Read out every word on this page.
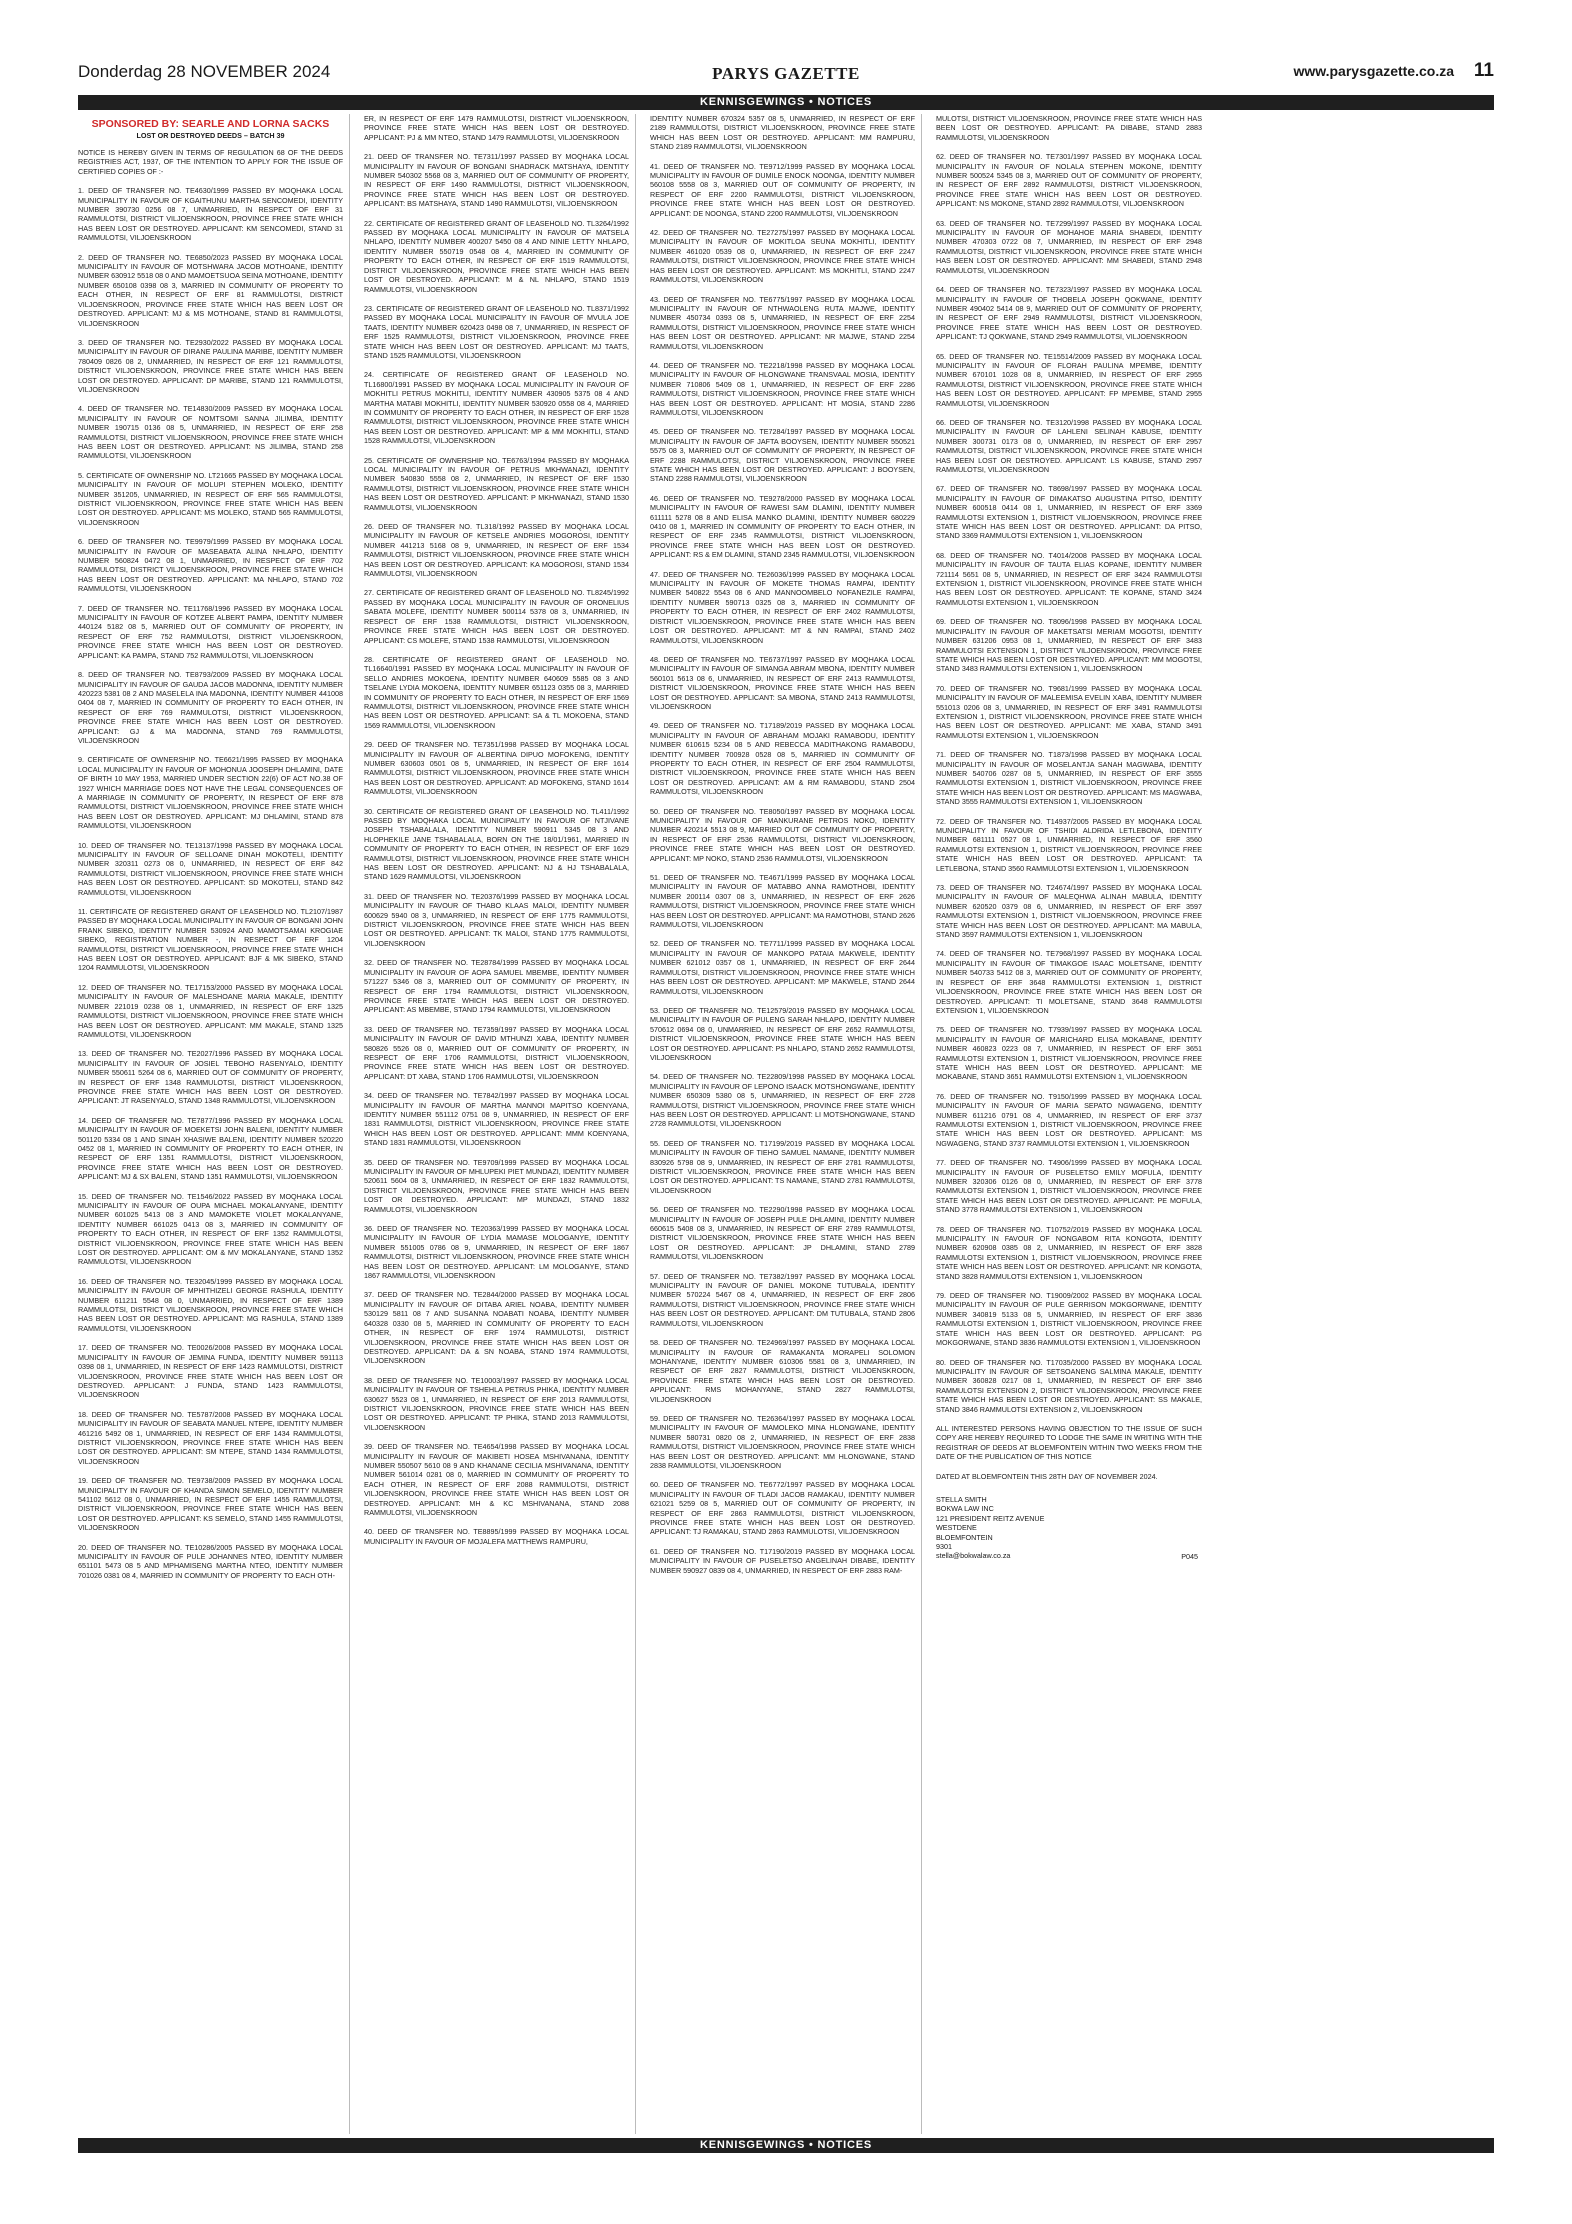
Donderdag 28 NOVEMBER 2024	PARYS GAZETTE	www.parysgazette.co.za 11
KENNISGEWINGS • NOTICES
SPONSORED BY: SEARLE AND LORNA SACKS
LOST OR DESTROYED DEEDS – BATCH 39

NOTICE IS HEREBY GIVEN IN TERMS OF REGULATION 68 OF THE DEEDS REGISTRIES ACT, 1937, OF THE INTENTION TO APPLY FOR THE ISSUE OF CERTIFIED COPIES OF :-

1. DEED OF TRANSFER NO. TE4630/1999 PASSED BY MOQHAKA LOCAL MUNICIPALITY IN FAVOUR OF KGAITHUNU MARTHA SENCOMEDI, IDENTITY NUMBER 390730 0256 08 7, UNMARRIED, IN RESPECT OF ERF 31 RAMMULOTSI, DISTRICT VILJOENSKROON, PROVINCE FREE STATE WHICH HAS BEEN LOST OR DESTROYED. APPLICANT: KM SENCOMEDI, STAND 31 RAMMULOTSI, VILJOENSKROON

2. DEED OF TRANSFER NO. TE6850/2023 PASSED BY MOQHAKA LOCAL MUNICIPALITY IN FAVOUR OF MOTSHWARA JACOB MOTHOANE, IDENTITY NUMBER 630912 5518 08 0 AND MAMOETSUOA SEINA MOTHOANE, IDENTITY NUMBER 650108 0398 08 3, MARRIED IN COMMUNITY OF PROPERTY TO EACH OTHER, IN RESPECT OF ERF 81 RAMMULOTSI, DISTRICT VILJOENSKROON, PROVINCE FREE STATE WHICH HAS BEEN LOST OR DESTROYED. APPLICANT: MJ & MS MOTHOANE, STAND 81 RAMMULOTSI, VILJOENSKROON

3. DEED OF TRANSFER NO. TE2930/2022 PASSED BY MOQHAKA LOCAL MUNICIPALITY IN FAVOUR OF DIRANE PAULINA MARIBE, IDENTITY NUMBER 780409 0826 08 2, UNMARRIED, IN RESPECT OF ERF 121 RAMMULOTSI, DISTRICT VILJOENSKROON, PROVINCE FREE STATE WHICH HAS BEEN LOST OR DESTROYED. APPLICANT: DP MARIBE, STAND 121 RAMMULOTSI, VILJOENSKROON

4. DEED OF TRANSFER NO. TE14830/2009 PASSED BY MOQHAKA LOCAL MUNICIPALITY IN FAVOUR OF NOMTSOMI SANNA JILIMBA, IDENTITY NUMBER 190715 0136 08 5, UNMARRIED, IN RESPECT OF ERF 258 RAMMULOTSI, DISTRICT VILJOENSKROON, PROVINCE FREE STATE WHICH HAS BEEN LOST OR DESTROYED. APPLICANT: NS JILIMBA, STAND 258 RAMMULOTSI, VILJOENSKROON

5. CERTIFICATE OF OWNERSHIP NO. LT21665 PASSED BY MOQHAKA LOCAL MUNICIPALITY IN FAVOUR OF MOLUPI STEPHEN MOLEKO, IDENTITY NUMBER 351205, UNMARRIED, IN RESPECT OF ERF 565 RAMMULOTSI, DISTRICT VILJOENSKROON, PROVINCE FREE STATE WHICH HAS BEEN LOST OR DESTROYED. APPLICANT: MS MOLEKO, STAND 565 RAMMULOTSI, VILJOENSKROON

6. DEED OF TRANSFER NO. TE9979/1999 PASSED BY MOQHAKA LOCAL MUNICIPALITY IN FAVOUR OF MASEABATA ALINA NHLAPO, IDENTITY NUMBER 560824 0472 08 1, UNMARRIED, IN RESPECT OF ERF 702 RAMMULOTSI, DISTRICT VILJOENSKROON, PROVINCE FREE STATE WHICH HAS BEEN LOST OR DESTROYED. APPLICANT: MA NHLAPO, STAND 702 RAMMULOTSI, VILJOENSKROON

7. DEED OF TRANSFER NO. TE11768/1996 PASSED BY MOQHAKA LOCAL MUNICIPALITY IN FAVOUR OF KOTZEE ALBERT PAMPA, IDENTITY NUMBER 440124 5182 08 5, MARRIED OUT OF COMMUNITY OF PROPERTY, IN RESPECT OF ERF 752 RAMMULOTSI, DISTRICT VILJOENSKROON, PROVINCE FREE STATE WHICH HAS BEEN LOST OR DESTROYED. APPLICANT: KA PAMPA, STAND 752 RAMMULOTSI, VILJOENSKROON

8. DEED OF TRANSFER NO. TE8793/2009 PASSED BY MOQHAKA LOCAL MUNICIPALITY IN FAVOUR OF GAUDA JACOB MADONNA, IDENTITY NUMBER 420223 5381 08 2 AND MASELELA INA MADONNA, IDENTITY NUMBER 441008 0404 08 7, MARRIED IN COMMUNITY OF PROPERTY TO EACH OTHER, IN RESPECT OF ERF 769 RAMMULOTSI, DISTRICT VILJOENSKROON, PROVINCE FREE STATE WHICH HAS BEEN LOST OR DESTROYED. APPLICANT: GJ & MA MADONNA, STAND 769 RAMMULOTSI, VILJOENSKROON

9. CERTIFICATE OF OWNERSHIP NO. TE6621/1995 PASSED BY MOQHAKA LOCAL MUNICIPALITY IN FAVOUR OF MOHONUA JOOSEPH DHLAMINI, DATE OF BIRTH 10 MAY 1953, MARRIED UNDER SECTION 22(6) OF ACT NO.38 OF 1927 WHICH MARRIAGE DOES NOT HAVE THE LEGAL CONSEQUENCES OF A MARRIAGE IN COMMUNITY OF PROPERTY, IN RESPECT OF ERF 878 RAMMULOTSI, DISTRICT VILJOENSKROON, PROVINCE FREE STATE WHICH HAS BEEN LOST OR DESTROYED. APPLICANT: MJ DHLAMINI, STAND 878 RAMMULOTSI, VILJOENSKROON

10. DEED OF TRANSFER NO. TE13137/1998 PASSED BY MOQHAKA LOCAL MUNICIPALITY IN FAVOUR OF SELLOANE DINAH MOKOTELI, IDENTITY NUMBER 320311 0273 08 0, UNMARRIED, IN RESPECT OF ERF 842 RAMMULOTSI, DISTRICT VILJOENSKROON, PROVINCE FREE STATE WHICH HAS BEEN LOST OR DESTROYED. APPLICANT: SD MOKOTELI, STAND 842 RAMMULOTSI, VILJOENSKROON

11. CERTIFICATE OF REGISTERED GRANT OF LEASEHOLD NO. TL2107/1987 PASSED BY MOQHAKA LOCAL MUNICIPALITY IN FAVOUR OF BONGANI JOHN FRANK SIBEKO, IDENTITY NUMBER 530924 AND MAMOTSAMAI KROGIAE SIBEKO, REGISTRATION NUMBER -, IN RESPECT OF ERF 1204 RAMMULOTSI, DISTRICT VILJOENSKROON, PROVINCE FREE STATE WHICH HAS BEEN LOST OR DESTROYED. APPLICANT: BJF & MK SIBEKO, STAND 1204 RAMMULOTSI, VILJOENSKROON

12. DEED OF TRANSFER NO. TE17153/2000 PASSED BY MOQHAKA LOCAL MUNICIPALITY IN FAVOUR OF MALESHOANE MARIA MAKALE, IDENTITY NUMBER 221019 0238 08 1, UNMARRIED, IN RESPECT OF ERF 1325 RAMMULOTSI, DISTRICT VILJOENSKROON, PROVINCE FREE STATE WHICH HAS BEEN LOST OR DESTROYED. APPLICANT: MM MAKALE, STAND 1325 RAMMULOTSI, VILJOENSKROON

13. DEED OF TRANSFER NO. TE2027/1996 PASSED BY MOQHAKA LOCAL MUNICIPALITY IN FAVOUR OF JOSIEL TEBOHO RASENYALO, IDENTITY NUMBER 550611 5264 08 6, MARRIED OUT OF COMMUNITY OF PROPERTY, IN RESPECT OF ERF 1348 RAMMULOTSI, DISTRICT VILJOENSKROON, PROVINCE FREE STATE WHICH HAS BEEN LOST OR DESTROYED. APPLICANT: JT RASENYALO, STAND 1348 RAMMULOTSI, VILJOENSKROON

14. DEED OF TRANSFER NO. TE7877/1996 PASSED BY MOQHAKA LOCAL MUNICIPALITY IN FAVOUR OF MOEKETSI JOHN BALENI, IDENTITY NUMBER 501120 5334 08 1 AND SINAH XHASIWE BALENI, IDENTITY NUMBER 520220 0452 08 1, MARRIED IN COMMUNITY OF PROPERTY TO EACH OTHER, IN RESPECT OF ERF 1351 RAMMULOTSI, DISTRICT VILJOENSKROON, PROVINCE FREE STATE WHICH HAS BEEN LOST OR DESTROYED. APPLICANT: MJ & SX BALENI, STAND 1351 RAMMULOTSI, VILJOENSKROON

15. DEED OF TRANSFER NO. TE1546/2022 PASSED BY MOQHAKA LOCAL MUNICIPALITY IN FAVOUR OF OUPA MICHAEL MOKALANYANE, IDENTITY NUMBER 601025 5413 08 3 AND MAMOKETE VIOLET MOKALANYANE, IDENTITY NUMBER 661025 0413 08 3, MARRIED IN COMMUNITY OF PROPERTY TO EACH OTHER, IN RESPECT OF ERF 1352 RAMMULOTSI, DISTRICT VILJOENSKROON, PROVINCE FREE STATE WHICH HAS BEEN LOST OR DESTROYED. APPLICANT: OM & MV MOKALANYANE, STAND 1352 RAMMULOTSI, VILJOENSKROON

16. DEED OF TRANSFER NO. TE32045/1999 PASSED BY MOQHAKA LOCAL MUNICIPALITY IN FAVOUR OF MPHITHIZELI GEORGE RASHULA, IDENTITY NUMBER 611211 5548 08 0, UNMARRIED, IN RESPECT OF ERF 1389 RAMMULOTSI, DISTRICT VILJOENSKROON, PROVINCE FREE STATE WHICH HAS BEEN LOST OR DESTROYED. APPLICANT: MG RASHULA, STAND 1389 RAMMULOTSI, VILJOENSKROON

17. DEED OF TRANSFER NO. TE0026/2008 PASSED BY MOQHAKA LOCAL MUNICIPALITY IN FAVOUR OF JEMINA FUNDA, IDENTITY NUMBER 591113 0398 08 1, UNMARRIED, IN RESPECT OF ERF 1423 RAMMULOTSI, DISTRICT VILJOENSKROON, PROVINCE FREE STATE WHICH HAS BEEN LOST OR DESTROYED. APPLICANT: J FUNDA, STAND 1423 RAMMULOTSI, VILJOENSKROON

18. DEED OF TRANSFER NO. TE5787/2008 PASSED BY MOQHAKA LOCAL MUNICIPALITY IN FAVOUR OF SEABATA MANUEL NTEPE, IDENTITY NUMBER 461216 5492 08 1, UNMARRIED, IN RESPECT OF ERF 1434 RAMMULOTSI, DISTRICT VILJOENSKROON, PROVINCE FREE STATE WHICH HAS BEEN LOST OR DESTROYED. APPLICANT: SM NTEPE, STAND 1434 RAMMULOTSI, VILJOENSKROON

19. DEED OF TRANSFER NO. TE9738/2009 PASSED BY MOQHAKA LOCAL MUNICIPALITY IN FAVOUR OF KHANDA SIMON SEMELO, IDENTITY NUMBER 541102 5612 08 0, UNMARRIED, IN RESPECT OF ERF 1455 RAMMULOTSI, DISTRICT VILJOENSKROON, PROVINCE FREE STATE WHICH HAS BEEN LOST OR DESTROYED. APPLICANT: KS SEMELO, STAND 1455 RAMMULOTSI, VILJOENSKROON

20. DEED OF TRANSFER NO. TE10286/2005 PASSED BY MOQHAKA LOCAL MUNICIPALITY IN FAVOUR OF PULE JOHANNES NTEO, IDENTITY NUMBER 651101 5473 08 5 AND MPHAMISENG MARTHA NTEO, IDENTITY NUMBER 701026 0381 08 4, MARRIED IN COMMUNITY OF PROPERTY TO EACH OTH-

ER, IN RESPECT OF ERF 1479 RAMMULOTSI, DISTRICT VILJOENSKROON, PROVINCE FREE STATE WHICH HAS BEEN LOST OR DESTROYED. APPLICANT: PJ & MM NTEO, STAND 1479 RAMMULOTSI, VILJOENSKROON

21. DEED OF TRANSFER NO. TE7311/1997 PASSED BY MOQHAKA LOCAL MUNICIPALITY IN FAVOUR OF BONGANI SHADRACK MATSHAYA, IDENTITY NUMBER 540302 5568 08 3, MARRIED OUT OF COMMUNITY OF PROPERTY, IN RESPECT OF ERF 1490 RAMMULOTSI, DISTRICT VILJOENSKROON, PROVINCE FREE STATE WHICH HAS BEEN LOST OR DESTROYED. APPLICANT: BS MATSHAYA, STAND 1490 RAMMULOTSI, VILJOENSKROON

22. CERTIFICATE OF REGISTERED GRANT OF LEASEHOLD NO. TL3264/1992 PASSED BY MOQHAKA LOCAL MUNICIPALITY IN FAVOUR OF MATSELA NHLAPO, IDENTITY NUMBER 400207 5450 08 4 AND NINIE LETTY NHLAPO, IDENTITY NUMBER 550719 0548 08 4, MARRIED IN COMMUNITY OF PROPERTY TO EACH OTHER, IN RESPECT OF ERF 1519 RAMMULOTSI, DISTRICT VILJOENSKROON, PROVINCE FREE STATE WHICH HAS BEEN LOST OR DESTROYED. APPLICANT: M & NL NHLAPO, STAND 1519 RAMMULOTSI, VILJOENSKROON

23. CERTIFICATE OF REGISTERED GRANT OF LEASEHOLD NO. TL8371/1992 PASSED BY MOQHAKA LOCAL MUNICIPALITY IN FAVOUR OF MVULA JOE TAATS, IDENTITY NUMBER 620423 0498 08 7, UNMARRIED, IN RESPECT OF ERF 1525 RAMMULOTSI, DISTRICT VILJOENSKROON, PROVINCE FREE STATE WHICH HAS BEEN LOST OR DESTROYED. APPLICANT: MJ TAATS, STAND 1525 RAMMULOTSI, VILJOENSKROON

24. CERTIFICATE OF REGISTERED GRANT OF LEASEHOLD NO. TL16800/1991 PASSED BY MOQHAKA LOCAL MUNICIPALITY IN FAVOUR OF MOKHITLI PETRUS MOKHITLI, IDENTITY NUMBER 430905 5375 08 4 AND MARTHA MATABI MOKHITLI, IDENTITY NUMBER 530920 0558 08 4, MARRIED IN COMMUNITY OF PROPERTY TO EACH OTHER, IN RESPECT OF ERF 1528 RAMMULOTSI, DISTRICT VILJOENSKROON, PROVINCE FREE STATE WHICH HAS BEEN LOST OR DESTROYED. APPLICANT: MP & MM MOKHITLI, STAND 1528 RAMMULOTSI, VILJOENSKROON

25. CERTIFICATE OF OWNERSHIP NO. TE6763/1994 PASSED BY MOQHAKA LOCAL MUNICIPALITY IN FAVOUR OF PETRUS MKHWANAZI, IDENTITY NUMBER 540830 5558 08 2, UNMARRIED, IN RESPECT OF ERF 1530 RAMMULOTSI, DISTRICT VILJOENSKROON, PROVINCE FREE STATE WHICH HAS BEEN LOST OR DESTROYED. APPLICANT: P MKHWANAZI, STAND 1530 RAMMULOTSI, VILJOENSKROON

26. DEED OF TRANSFER NO. TL318/1992 PASSED BY MOQHAKA LOCAL MUNICIPALITY IN FAVOUR OF KETSELE ANDRIES MOGOROSI, IDENTITY NUMBER 441213 5168 08 9, UNMARRIED, IN RESPECT OF ERF 1534 RAMMULOTSI, DISTRICT VILJOENSKROON, PROVINCE FREE STATE WHICH HAS BEEN LOST OR DESTROYED. APPLICANT: KA MOGOROSI, STAND 1534 RAMMULOTSI, VILJOENSKROON

27. CERTIFICATE OF REGISTERED GRANT OF LEASEHOLD NO. TL8245/1992 PASSED BY MOQHAKA LOCAL MUNICIPALITY IN FAVOUR OF ORONELIUS SABATA MOLEFE, IDENTITY NUMBER 500114 5378 08 3, UNMARRIED, IN RESPECT OF ERF 1538 RAMMULOTSI, DISTRICT VILJOENSKROON, PROVINCE FREE STATE WHICH HAS BEEN LOST OR DESTROYED. APPLICANT: CS MOLEFE, STAND 1538 RAMMULOTSI, VILJOENSKROON

28. CERTIFICATE OF REGISTERED GRANT OF LEASEHOLD NO. TL16640/1991 PASSED BY MOQHAKA LOCAL MUNICIPALITY IN FAVOUR OF SELLO ANDRIES MOKOENA, IDENTITY NUMBER 640609 5585 08 3 AND TSELANE LYDIA MOKOENA, IDENTITY NUMBER 651123 0355 08 3, MARRIED IN COMMUNITY OF PROPERTY TO EACH OTHER, IN RESPECT OF ERF 1569 RAMMULOTSI, DISTRICT VILJOENSKROON, PROVINCE FREE STATE WHICH HAS BEEN LOST OR DESTROYED. APPLICANT: SA & TL MOKOENA, STAND 1569 RAMMULOTSI, VILJOENSKROON

29. DEED OF TRANSFER NO. TE7351/1998 PASSED BY MOQHAKA LOCAL MUNICIPALITY IN FAVOUR OF ALBERTINA DIPUO MOFOKENG, IDENTITY NUMBER 630603 0501 08 5, UNMARRIED, IN RESPECT OF ERF 1614 RAMMULOTSI, DISTRICT VILJOENSKROON, PROVINCE FREE STATE WHICH HAS BEEN LOST OR DESTROYED. APPLICANT: AD MOFOKENG, STAND 1614 RAMMULOTSI, VILJOENSKROON

30. CERTIFICATE OF REGISTERED GRANT OF LEASEHOLD NO. TL411/1992 PASSED BY MOQHAKA LOCAL MUNICIPALITY IN FAVOUR OF NTJIVANE JOSEPH TSHABALALA, IDENTITY NUMBER 590911 5345 08 3 AND HLOPHEKILE JANE TSHABALALA, BORN ON THE 18/01/1961, MARRIED IN COMMUNITY OF PROPERTY TO EACH OTHER, IN RESPECT OF ERF 1629 RAMMULOTSI, DISTRICT VILJOENSKROON, PROVINCE FREE STATE WHICH HAS BEEN LOST OR DESTROYED. APPLICANT: NJ & HJ TSHABALALA, STAND 1629 RAMMULOTSI, VILJOENSKROON

31. DEED OF TRANSFER NO. TE20376/1999 PASSED BY MOQHAKA LOCAL MUNICIPALITY IN FAVOUR OF THABO KLAAS MALOI, IDENTITY NUMBER 600629 5940 08 3, UNMARRIED, IN RESPECT OF ERF 1775 RAMMULOTSI, DISTRICT VILJOENSKROON, PROVINCE FREE STATE WHICH HAS BEEN LOST OR DESTROYED. APPLICANT: TK MALOI, STAND 1775 RAMMULOTSI, VILJOENSKROON

32. DEED OF TRANSFER NO. TE28784/1999 PASSED BY MOQHAKA LOCAL MUNICIPALITY IN FAVOUR OF AOPA SAMUEL MBEMBE, IDENTITY NUMBER 571227 5346 08 3, MARRIED OUT OF COMMUNITY OF PROPERTY, IN RESPECT OF ERF 1794 RAMMULOTSI, DISTRICT VILJOENSKROON, PROVINCE FREE STATE WHICH HAS BEEN LOST OR DESTROYED. APPLICANT: AS MBEMBE, STAND 1794 RAMMULOTSI, VILJOENSKROON

33. DEED OF TRANSFER NO. TE7359/1997 PASSED BY MOQHAKA LOCAL MUNICIPALITY IN FAVOUR OF DAVID MTHUNZI XABA, IDENTITY NUMBER 580826 5526 08 0, MARRIED OUT OF COMMUNITY OF PROPERTY, IN RESPECT OF ERF 1706 RAMMULOTSI, DISTRICT VILJOENSKROON, PROVINCE FREE STATE WHICH HAS BEEN LOST OR DESTROYED. APPLICANT: DT XABA, STAND 1706 RAMMULOTSI, VILJOENSKROON

34. DEED OF TRANSFER NO. TE7842/1997 PASSED BY MOQHAKA LOCAL MUNICIPALITY IN FAVOUR OF MARTHA MANNOI MAPITSO KOENYANA, IDENTITY NUMBER 551112 0751 08 9, UNMARRIED, IN RESPECT OF ERF 1831 RAMMULOTSI, DISTRICT VILJOENSKROON, PROVINCE FREE STATE WHICH HAS BEEN LOST OR DESTROYED. APPLICANT: MMM KOENYANA, STAND 1831 RAMMULOTSI, VILJOENSKROON

35. DEED OF TRANSFER NO. TE9709/1999 PASSED BY MOQHAKA LOCAL MUNICIPALITY IN FAVOUR OF MHLUPEKI PIET MUNDAZI, IDENTITY NUMBER 520611 5604 08 3, UNMARRIED, IN RESPECT OF ERF 1832 RAMMULOTSI, DISTRICT VILJOENSKROON, PROVINCE FREE STATE WHICH HAS BEEN LOST OR DESTROYED. APPLICANT: MP MUNDAZI, STAND 1832 RAMMULOTSI, VILJOENSKROON

36. DEED OF TRANSFER NO. TE20363/1999 PASSED BY MOQHAKA LOCAL MUNICIPALITY IN FAVOUR OF LYDIA MAMASE MOLOGANYE, IDENTITY NUMBER 551005 0786 08 9, UNMARRIED, IN RESPECT OF ERF 1867 RAMMULOTSI, DISTRICT VILJOENSKROON, PROVINCE FREE STATE WHICH HAS BEEN LOST OR DESTROYED. APPLICANT: LM MOLOGANYE, STAND 1867 RAMMULOTSI, VILJOENSKROON

37. DEED OF TRANSFER NO. TE2844/2000 PASSED BY MOQHAKA LOCAL MUNICIPALITY IN FAVOUR OF DITABA ARIEL NOABA, IDENTITY NUMBER 530129 5811 08 7 AND SUSANNA NOABATI NOABA, IDENTITY NUMBER 640328 0330 08 5, MARRIED IN COMMUNITY OF PROPERTY TO EACH OTHER, IN RESPECT OF ERF 1974 RAMMULOTSI, DISTRICT VILJOENSKROON, PROVINCE FREE STATE WHICH HAS BEEN LOST OR DESTROYED. APPLICANT: DA & SN NOABA, STAND 1974 RAMMULOTSI, VILJOENSKROON

38. DEED OF TRANSFER NO. TE10003/1997 PASSED BY MOQHAKA LOCAL MUNICIPALITY IN FAVOUR OF TSHEHLA PETRUS PHIKA, IDENTITY NUMBER 630627 5523 08 1, UNMARRIED, IN RESPECT OF ERF 2013 RAMMULOTSI, DISTRICT VILJOENSKROON, PROVINCE FREE STATE WHICH HAS BEEN LOST OR DESTROYED. APPLICANT: TP PHIKA, STAND 2013 RAMMULOTSI, VILJOENSKROON

39. DEED OF TRANSFER NO. TE4654/1998 PASSED BY MOQHAKA LOCAL MUNICIPALITY IN FAVOUR OF MAKIBETI HOSEA MSHIVANANA, IDENTITY NUMBER 550507 5610 08 9 AND KHANANE CECILIA MSHIVANANA, IDENTITY NUMBER 561014 0281 08 0, MARRIED IN COMMUNITY OF PROPERTY TO EACH OTHER, IN RESPECT OF ERF 2088 RAMMULOTSI, DISTRICT VILJOENSKROON, PROVINCE FREE STATE WHICH HAS BEEN LOST OR DESTROYED. APPLICANT: MH & KC MSHIVANANA, STAND 2088 RAMMULOTSI, VILJOENSKROON

40. DEED OF TRANSFER NO. TE8895/1999 PASSED BY MOQHAKA LOCAL MUNICIPALITY IN FAVOUR OF MOJALEFA MATTHEWS RAMPURU,

IDENTITY NUMBER 670324 5357 08 5, UNMARRIED, IN RESPECT OF ERF 2189 RAMMULOTSI, DISTRICT VILJOENSKROON, PROVINCE FREE STATE WHICH HAS BEEN LOST OR DESTROYED. APPLICANT: MM RAMPURU, STAND 2189 RAMMULOTSI, VILJOENSKROON

41. DEED OF TRANSFER NO. TE9712/1999 PASSED BY MOQHAKA LOCAL MUNICIPALITY IN FAVOUR OF DUMILE ENOCK NOONGA, IDENTITY NUMBER 560108 5558 08 3, MARRIED OUT OF COMMUNITY OF PROPERTY, IN RESPECT OF ERF 2200 RAMMULOTSI, DISTRICT VILJOENSKROON, PROVINCE FREE STATE WHICH HAS BEEN LOST OR DESTROYED. APPLICANT: DE NOONGA, STAND 2200 RAMMULOTSI, VILJOENSKROON

42. DEED OF TRANSFER NO. TE27275/1997 PASSED BY MOQHAKA LOCAL MUNICIPALITY IN FAVOUR OF MOKITLOA SEUNA MOKHITLI, IDENTITY NUMBER 461020 0539 08 0, UNMARRIED, IN RESPECT OF ERF 2247 RAMMULOTSI, DISTRICT VILJOENSKROON, PROVINCE FREE STATE WHICH HAS BEEN LOST OR DESTROYED. APPLICANT: MS MOKHITLI, STAND 2247 RAMMULOTSI, VILJOENSKROON

43. DEED OF TRANSFER NO. TE6775/1997 PASSED BY MOQHAKA LOCAL MUNICIPALITY IN FAVOUR OF NTHWAOLENG RUTA MAJWE, IDENTITY NUMBER 450734 0393 08 5, UNMARRIED, IN RESPECT OF ERF 2254 RAMMULOTSI, DISTRICT VILJOENSKROON, PROVINCE FREE STATE WHICH HAS BEEN LOST OR DESTROYED. APPLICANT: NR MAJWE, STAND 2254 RAMMULOTSI, VILJOENSKROON

44. DEED OF TRANSFER NO. TE2218/1998 PASSED BY MOQHAKA LOCAL MUNICIPALITY IN FAVOUR OF HLONGWANE TRANSVAAL MOSIA, IDENTITY NUMBER 710806 5409 08 1, UNMARRIED, IN RESPECT OF ERF 2286 RAMMULOTSI, DISTRICT VILJOENSKROON, PROVINCE FREE STATE WHICH HAS BEEN LOST OR DESTROYED. APPLICANT: HT MOSIA, STAND 2286 RAMMULOTSI, VILJOENSKROON

45. DEED OF TRANSFER NO. TE7284/1997 PASSED BY MOQHAKA LOCAL MUNICIPALITY IN FAVOUR OF JAFTA BOOYSEN, IDENTITY NUMBER 550521 5575 08 3, MARRIED OUT OF COMMUNITY OF PROPERTY, IN RESPECT OF ERF 2288 RAMMULOTSI, DISTRICT VILJOENSKROON, PROVINCE FREE STATE WHICH HAS BEEN LOST OR DESTROYED. APPLICANT: J BOOYSEN, STAND 2288 RAMMULOTSI, VILJOENSKROON

46. DEED OF TRANSFER NO. TE9278/2000 PASSED BY MOQHAKA LOCAL MUNICIPALITY IN FAVOUR OF RAWESI SAM DLAMINI, IDENTITY NUMBER 611111 5278 08 8 AND ELISA MANKO DLAMINI, IDENTITY NUMBER 680229 0410 08 1, MARRIED IN COMMUNITY OF PROPERTY TO EACH OTHER, IN RESPECT OF ERF 2345 RAMMULOTSI, DISTRICT VILJOENSKROON, PROVINCE FREE STATE WHICH HAS BEEN LOST OR DESTROYED. APPLICANT: RS & EM DLAMINI, STAND 2345 RAMMULOTSI, VILJOENSKROON

47. DEED OF TRANSFER NO. TE26036/1999 PASSED BY MOQHAKA LOCAL MUNICIPALITY IN FAVOUR OF MOKETE THOMAS RAMPAI, IDENTITY NUMBER 540822 5543 08 6 AND MANNOOMBELO NOFANEZILE RAMPAI, IDENTITY NUMBER 590713 0325 08 3, MARRIED IN COMMUNITY OF PROPERTY TO EACH OTHER, IN RESPECT OF ERF 2402 RAMMULOTSI, DISTRICT VILJOENSKROON, PROVINCE FREE STATE WHICH HAS BEEN LOST OR DESTROYED. APPLICANT: MT & NN RAMPAI, STAND 2402 RAMMULOTSI, VILJOENSKROON

48. DEED OF TRANSFER NO. TE6737/1997 PASSED BY MOQHAKA LOCAL MUNICIPALITY IN FAVOUR OF SIMANGA ABRAM MBONA, IDENTITY NUMBER 560101 5613 08 6, UNMARRIED, IN RESPECT OF ERF 2413 RAMMULOTSI, DISTRICT VILJOENSKROON, PROVINCE FREE STATE WHICH HAS BEEN LOST OR DESTROYED. APPLICANT: SA MBONA, STAND 2413 RAMMULOTSI, VILJOENSKROON

49. DEED OF TRANSFER NO. T17189/2019 PASSED BY MOQHAKA LOCAL MUNICIPALITY IN FAVOUR OF ABRAHAM MOJAKI RAMABODU, IDENTITY NUMBER 610615 5234 08 5 AND REBECCA MADITHAKONG RAMABODU, IDENTITY NUMBER 700928 0528 08 5, MARRIED IN COMMUNITY OF PROPERTY TO EACH OTHER, IN RESPECT OF ERF 2504 RAMMULOTSI, DISTRICT VILJOENSKROON, PROVINCE FREE STATE WHICH HAS BEEN LOST OR DESTROYED. APPLICANT: AM & RM RAMABODU, STAND 2504 RAMMULOTSI, VILJOENSKROON

50. DEED OF TRANSFER NO. TE8050/1997 PASSED BY MOQHAKA LOCAL MUNICIPALITY IN FAVOUR OF MANKURANE PETROS NOKO, IDENTITY NUMBER 420214 5513 08 9, MARRIED OUT OF COMMUNITY OF PROPERTY, IN RESPECT OF ERF 2536 RAMMULOTSI, DISTRICT VILJOENSKROON, PROVINCE FREE STATE WHICH HAS BEEN LOST OR DESTROYED. APPLICANT: MP NOKO, STAND 2536 RAMMULOTSI, VILJOENSKROON

51. DEED OF TRANSFER NO. TE4671/1999 PASSED BY MOQHAKA LOCAL MUNICIPALITY IN FAVOUR OF MATABBO ANNA RAMOTHOBI, IDENTITY NUMBER 200114 0307 08 3, UNMARRIED, IN RESPECT OF ERF 2626 RAMMULOTSI, DISTRICT VILJOENSKROON, PROVINCE FREE STATE WHICH HAS BEEN LOST OR DESTROYED. APPLICANT: MA RAMOTHOBI, STAND 2626 RAMMULOTSI, VILJOENSKROON

52. DEED OF TRANSFER NO. TE7711/1999 PASSED BY MOQHAKA LOCAL MUNICIPALITY IN FAVOUR OF MANKOPO PATAIA MAKWELE, IDENTITY NUMBER 621012 0357 08 1, UNMARRIED, IN RESPECT OF ERF 2644 RAMMULOTSI, DISTRICT VILJOENSKROON, PROVINCE FREE STATE WHICH HAS BEEN LOST OR DESTROYED. APPLICANT: MP MAKWELE, STAND 2644 RAMMULOTSI, VILJOENSKROON

53. DEED OF TRANSFER NO. TE12579/2019 PASSED BY MOQHAKA LOCAL MUNICIPALITY IN FAVOUR OF PULENG SARAH NHLAPO, IDENTITY NUMBER 570612 0694 08 0, UNMARRIED, IN RESPECT OF ERF 2652 RAMMULOTSI, DISTRICT VILJOENSKROON, PROVINCE FREE STATE WHICH HAS BEEN LOST OR DESTROYED. APPLICANT: PS NHLAPO, STAND 2652 RAMMULOTSI, VILJOENSKROON

54. DEED OF TRANSFER NO. TE22809/1998 PASSED BY MOQHAKA LOCAL MUNICIPALITY IN FAVOUR OF LEPONO ISAACK MOTSHONGWANE, IDENTITY NUMBER 650309 5380 08 5, UNMARRIED, IN RESPECT OF ERF 2728 RAMMULOTSI, DISTRICT VILJOENSKROON, PROVINCE FREE STATE WHICH HAS BEEN LOST OR DESTROYED. APPLICANT: LI MOTSHONGWANE, STAND 2728 RAMMULOTSI, VILJOENSKROON

55. DEED OF TRANSFER NO. T17199/2019 PASSED BY MOQHAKA LOCAL MUNICIPALITY IN FAVOUR OF TIEHO SAMUEL NAMANE, IDENTITY NUMBER 830926 5798 08 9, UNMARRIED, IN RESPECT OF ERF 2781 RAMMULOTSI, DISTRICT VILJOENSKROON, PROVINCE FREE STATE WHICH HAS BEEN LOST OR DESTROYED. APPLICANT: TS NAMANE, STAND 2781 RAMMULOTSI, VILJOENSKROON

56. DEED OF TRANSFER NO. TE2290/1998 PASSED BY MOQHAKA LOCAL MUNICIPALITY IN FAVOUR OF JOSEPH PULE DHLAMINI, IDENTITY NUMBER 660615 5408 08 3, UNMARRIED, IN RESPECT OF ERF 2789 RAMMULOTSI, DISTRICT VILJOENSKROON, PROVINCE FREE STATE WHICH HAS BEEN LOST OR DESTROYED. APPLICANT: JP DHLAMINI, STAND 2789 RAMMULOTSI, VILJOENSKROON

57. DEED OF TRANSFER NO. TE7382/1997 PASSED BY MOQHAKA LOCAL MUNICIPALITY IN FAVOUR OF DANIEL MOKONE TUTUBALA, IDENTITY NUMBER 570224 5467 08 4, UNMARRIED, IN RESPECT OF ERF 2806 RAMMULOTSI, DISTRICT VILJOENSKROON, PROVINCE FREE STATE WHICH HAS BEEN LOST OR DESTROYED. APPLICANT: DM TUTUBALA, STAND 2806 RAMMULOTSI, VILJOENSKROON

58. DEED OF TRANSFER NO. TE24969/1997 PASSED BY MOQHAKA LOCAL MUNICIPALITY IN FAVOUR OF RAMAKANTA MORAPELI SOLOMON MOHANYANE, IDENTITY NUMBER 610306 5581 08 3, UNMARRIED, IN RESPECT OF ERF 2827 RAMMULOTSI, DISTRICT VILJOENSKROON, PROVINCE FREE STATE WHICH HAS BEEN LOST OR DESTROYED. APPLICANT: RMS MOHANYANE, STAND 2827 RAMMULOTSI, VILJOENSKROON

59. DEED OF TRANSFER NO. TE26364/1997 PASSED BY MOQHAKA LOCAL MUNICIPALITY IN FAVOUR OF MAMOLEKO MINA HLONGWANE, IDENTITY NUMBER 580731 0820 08 2, UNMARRIED, IN RESPECT OF ERF 2838 RAMMULOTSI, DISTRICT VILJOENSKROON, PROVINCE FREE STATE WHICH HAS BEEN LOST OR DESTROYED. APPLICANT: MM HLONGWANE, STAND 2838 RAMMULOTSI, VILJOENSKROON

60. DEED OF TRANSFER NO. TE6772/1997 PASSED BY MOQHAKA LOCAL MUNICIPALITY IN FAVOUR OF TLADI JACOB RAMAKAU, IDENTITY NUMBER 621021 5259 08 5, MARRIED OUT OF COMMUNITY OF PROPERTY, IN RESPECT OF ERF 2863 RAMMULOTSI, DISTRICT VILJOENSKROON, PROVINCE FREE STATE WHICH HAS BEEN LOST OR DESTROYED. APPLICANT: TJ RAMAKAU, STAND 2863 RAMMULOTSI, VILJOENSKROON

61. DEED OF TRANSFER NO. T17190/2019 PASSED BY MOQHAKA LOCAL MUNICIPALITY IN FAVOUR OF PUSELETSO ANGELINAH DIBABE, IDENTITY NUMBER 590927 0839 08 4, UNMARRIED, IN RESPECT OF ERF 2883 RAM-

MULOTSI, DISTRICT VILJOENSKROON, PROVINCE FREE STATE WHICH HAS BEEN LOST OR DESTROYED. APPLICANT: PA DIBABE, STAND 2883 RAMMULOTSI, VILJOENSKROON

62. DEED OF TRANSFER NO. TE7301/1997 PASSED BY MOQHAKA LOCAL MUNICIPALITY IN FAVOUR OF NOLALA STEPHEN MOKONE, IDENTITY NUMBER 500524 5345 08 3, MARRIED OUT OF COMMUNITY OF PROPERTY, IN RESPECT OF ERF 2892 RAMMULOTSI, DISTRICT VILJOENSKROON, PROVINCE FREE STATE WHICH HAS BEEN LOST OR DESTROYED. APPLICANT: NS MOKONE, STAND 2892 RAMMULOTSI, VILJOENSKROON

63. DEED OF TRANSFER NO. TE7299/1997 PASSED BY MOQHAKA LOCAL MUNICIPALITY IN FAVOUR OF MOHAHOE MARIA SHABEDI, IDENTITY NUMBER 470303 0722 08 7, UNMARRIED, IN RESPECT OF ERF 2948 RAMMULOTSI, DISTRICT VILJOENSKROON, PROVINCE FREE STATE WHICH HAS BEEN LOST OR DESTROYED. APPLICANT: MM SHABEDI, STAND 2948 RAMMULOTSI, VILJOENSKROON

64. DEED OF TRANSFER NO. TE7323/1997 PASSED BY MOQHAKA LOCAL MUNICIPALITY IN FAVOUR OF THOBELA JOSEPH QOKWANE, IDENTITY NUMBER 490402 5414 08 9, MARRIED OUT OF COMMUNITY OF PROPERTY, IN RESPECT OF ERF 2949 RAMMULOTSI, DISTRICT VILJOENSKROON, PROVINCE FREE STATE WHICH HAS BEEN LOST OR DESTROYED. APPLICANT: TJ QOKWANE, STAND 2949 RAMMULOTSI, VILJOENSKROON

65. DEED OF TRANSFER NO. TE15514/2009 PASSED BY MOQHAKA LOCAL MUNICIPALITY IN FAVOUR OF FLORAH PAULINA MPEMBE, IDENTITY NUMBER 670101 1028 08 8, UNMARRIED, IN RESPECT OF ERF 2955 RAMMULOTSI, DISTRICT VILJOENSKROON, PROVINCE FREE STATE WHICH HAS BEEN LOST OR DESTROYED. APPLICANT: FP MPEMBE, STAND 2955 RAMMULOTSI, VILJOENSKROON

66. DEED OF TRANSFER NO. TE3120/1998 PASSED BY MOQHAKA LOCAL MUNICIPALITY IN FAVOUR OF LAHLENI SELINAH KABUSE, IDENTITY NUMBER 300731 0173 08 0, UNMARRIED, IN RESPECT OF ERF 2957 RAMMULOTSI, DISTRICT VILJOENSKROON, PROVINCE FREE STATE WHICH HAS BEEN LOST OR DESTROYED. APPLICANT: LS KABUSE, STAND 2957 RAMMULOTSI, VILJOENSKROON

67. DEED OF TRANSFER NO. T8698/1997 PASSED BY MOQHAKA LOCAL MUNICIPALITY IN FAVOUR OF DIMAKATSO AUGUSTINA PITSO, IDENTITY NUMBER 600518 0414 08 1, UNMARRIED, IN RESPECT OF ERF 3369 RAMMULOTSI EXTENSION 1, DISTRICT VILJOENSKROON, PROVINCE FREE STATE WHICH HAS BEEN LOST OR DESTROYED. APPLICANT: DA PITSO, STAND 3369 RAMMULOTSI EXTENSION 1, VILJOENSKROON

68. DEED OF TRANSFER NO. T4014/2008 PASSED BY MOQHAKA LOCAL MUNICIPALITY IN FAVOUR OF TAUTA ELIAS KOPANE, IDENTITY NUMBER 721114 5651 08 5, UNMARRIED, IN RESPECT OF ERF 3424 RAMMULOTSI EXTENSION 1, DISTRICT VILJOENSKROON, PROVINCE FREE STATE WHICH HAS BEEN LOST OR DESTROYED. APPLICANT: TE KOPANE, STAND 3424 RAMMULOTSI EXTENSION 1, VILJOENSKROON

69. DEED OF TRANSFER NO. T8096/1998 PASSED BY MOQHAKA LOCAL MUNICIPALITY IN FAVOUR OF MAKETSATSI MERIAM MOGOTSI, IDENTITY NUMBER 631206 0953 08 1, UNMARRIED, IN RESPECT OF ERF 3483 RAMMULOTSI EXTENSION 1, DISTRICT VILJOENSKROON, PROVINCE FREE STATE WHICH HAS BEEN LOST OR DESTROYED. APPLICANT: MM MOGOTSI, STAND 3483 RAMMULOTSI EXTENSION 1, VILJOENSKROON

70. DEED OF TRANSFER NO. T9681/1999 PASSED BY MOQHAKA LOCAL MUNICIPALITY IN FAVOUR OF MALEEMISA EVELIN XABA, IDENTITY NUMBER 551013 0206 08 3, UNMARRIED, IN RESPECT OF ERF 3491 RAMMULOTSI EXTENSION 1, DISTRICT VILJOENSKROON, PROVINCE FREE STATE WHICH HAS BEEN LOST OR DESTROYED. APPLICANT: ME XABA, STAND 3491 RAMMULOTSI EXTENSION 1, VILJOENSKROON

71. DEED OF TRANSFER NO. T1873/1998 PASSED BY MOQHAKA LOCAL MUNICIPALITY IN FAVOUR OF MOSELANTJA SANAH MAGWABA, IDENTITY NUMBER 540706 0287 08 5, UNMARRIED, IN RESPECT OF ERF 3555 RAMMULOTSI EXTENSION 1, DISTRICT VILJOENSKROON, PROVINCE FREE STATE WHICH HAS BEEN LOST OR DESTROYED. APPLICANT: MS MAGWABA, STAND 3555 RAMMULOTSI EXTENSION 1, VILJOENSKROON

72. DEED OF TRANSFER NO. T14937/2005 PASSED BY MOQHAKA LOCAL MUNICIPALITY IN FAVOUR OF TSHIDI ALDRIDA LETLEBONA, IDENTITY NUMBER 681111 0527 08 1, UNMARRIED, IN RESPECT OF ERF 3560 RAMMULOTSI EXTENSION 1, DISTRICT VILJOENSKROON, PROVINCE FREE STATE WHICH HAS BEEN LOST OR DESTROYED. APPLICANT: TA LETLEBONA, STAND 3560 RAMMULOTSI EXTENSION 1, VILJOENSKROON

73. DEED OF TRANSFER NO. T24674/1997 PASSED BY MOQHAKA LOCAL MUNICIPALITY IN FAVOUR OF MALEQHWA ALINAH MABULA, IDENTITY NUMBER 620520 0379 08 6, UNMARRIED, IN RESPECT OF ERF 3597 RAMMULOTSI EXTENSION 1, DISTRICT VILJOENSKROON, PROVINCE FREE STATE WHICH HAS BEEN LOST OR DESTROYED. APPLICANT: MA MABULA, STAND 3597 RAMMULOTSI EXTENSION 1, VILJOENSKROON

74. DEED OF TRANSFER NO. TE7968/1997 PASSED BY MOQHAKA LOCAL MUNICIPALITY IN FAVOUR OF TIMAKGOE ISAAC MOLETSANE, IDENTITY NUMBER 540733 5412 08 3, MARRIED OUT OF COMMUNITY OF PROPERTY, IN RESPECT OF ERF 3648 RAMMULOTSI EXTENSION 1, DISTRICT VILJOENSKROON, PROVINCE FREE STATE WHICH HAS BEEN LOST OR DESTROYED. APPLICANT: TI MOLETSANE, STAND 3648 RAMMULOTSI EXTENSION 1, VILJOENSKROON

75. DEED OF TRANSFER NO. T7939/1997 PASSED BY MOQHAKA LOCAL MUNICIPALITY IN FAVOUR OF MARICHARD ELISA MOKABANE, IDENTITY NUMBER 460823 0223 08 7, UNMARRIED, IN RESPECT OF ERF 3651 RAMMULOTSI EXTENSION 1, DISTRICT VILJOENSKROON, PROVINCE FREE STATE WHICH HAS BEEN LOST OR DESTROYED. APPLICANT: ME MOKABANE, STAND 3651 RAMMULOTSI EXTENSION 1, VILJOENSKROON

76. DEED OF TRANSFER NO. T9150/1999 PASSED BY MOQHAKA LOCAL MUNICIPALITY IN FAVOUR OF MARIA SEPATO NGWAGENG, IDENTITY NUMBER 611216 0791 08 4, UNMARRIED, IN RESPECT OF ERF 3737 RAMMULOTSI EXTENSION 1, DISTRICT VILJOENSKROON, PROVINCE FREE STATE WHICH HAS BEEN LOST OR DESTROYED. APPLICANT: MS NGWAGENG, STAND 3737 RAMMULOTSI EXTENSION 1, VILJOENSKROON

77. DEED OF TRANSFER NO. T4906/1999 PASSED BY MOQHAKA LOCAL MUNICIPALITY IN FAVOUR OF PUSELETSO EMILY MOFULA, IDENTITY NUMBER 320306 0126 08 0, UNMARRIED, IN RESPECT OF ERF 3778 RAMMULOTSI EXTENSION 1, DISTRICT VILJOENSKROON, PROVINCE FREE STATE WHICH HAS BEEN LOST OR DESTROYED. APPLICANT: PE MOFULA, STAND 3778 RAMMULOTSI EXTENSION 1, VILJOENSKROON

78. DEED OF TRANSFER NO. T10752/2019 PASSED BY MOQHAKA LOCAL MUNICIPALITY IN FAVOUR OF NONGABOM RITA KONGOTA, IDENTITY NUMBER 620908 0385 08 2, UNMARRIED, IN RESPECT OF ERF 3828 RAMMULOTSI EXTENSION 1, DISTRICT VILJOENSKROON, PROVINCE FREE STATE WHICH HAS BEEN LOST OR DESTROYED. APPLICANT: NR KONGOTA, STAND 3828 RAMMULOTSI EXTENSION 1, VILJOENSKROON

79. DEED OF TRANSFER NO. T19009/2002 PASSED BY MOQHAKA LOCAL MUNICIPALITY IN FAVOUR OF PULE GERRISON MOKGORWANE, IDENTITY NUMBER 340819 5133 08 5, UNMARRIED, IN RESPECT OF ERF 3836 RAMMULOTSI EXTENSION 1, DISTRICT VILJOENSKROON, PROVINCE FREE STATE WHICH HAS BEEN LOST OR DESTROYED. APPLICANT: PG MOKGORWANE, STAND 3836 RAMMULOTSI EXTENSION 1, VILJOENSKROON

80. DEED OF TRANSFER NO. T17035/2000 PASSED BY MOQHAKA LOCAL MUNICIPALITY IN FAVOUR OF SETSOANENG SALMINA MAKALE, IDENTITY NUMBER 360828 0217 08 1, UNMARRIED, IN RESPECT OF ERF 3846 RAMMULOTSI EXTENSION 2, DISTRICT VILJOENSKROON, PROVINCE FREE STATE WHICH HAS BEEN LOST OR DESTROYED. APPLICANT: SS MAKALE, STAND 3846 RAMMULOTSI EXTENSION 2, VILJOENSKROON

ALL INTERESTED PERSONS HAVING OBJECTION TO THE ISSUE OF SUCH COPY ARE HEREBY REQUIRED TO LODGE THE SAME IN WRITING WITH THE REGISTRAR OF DEEDS AT BLOEMFONTEIN WITHIN TWO WEEKS FROM THE DATE OF THE PUBLICATION OF THIS NOTICE

DATED AT BLOEMFONTEIN THIS 28TH DAY OF NOVEMBER 2024.

STELLA SMITH

BOKWA LAW INC

121 PRESIDENT REITZ AVENUE

WESTDENE

BLOEMFONTEIN

9301

stella@bokwalaw.co.za	P045
KENNISGEWINGS • NOTICES
